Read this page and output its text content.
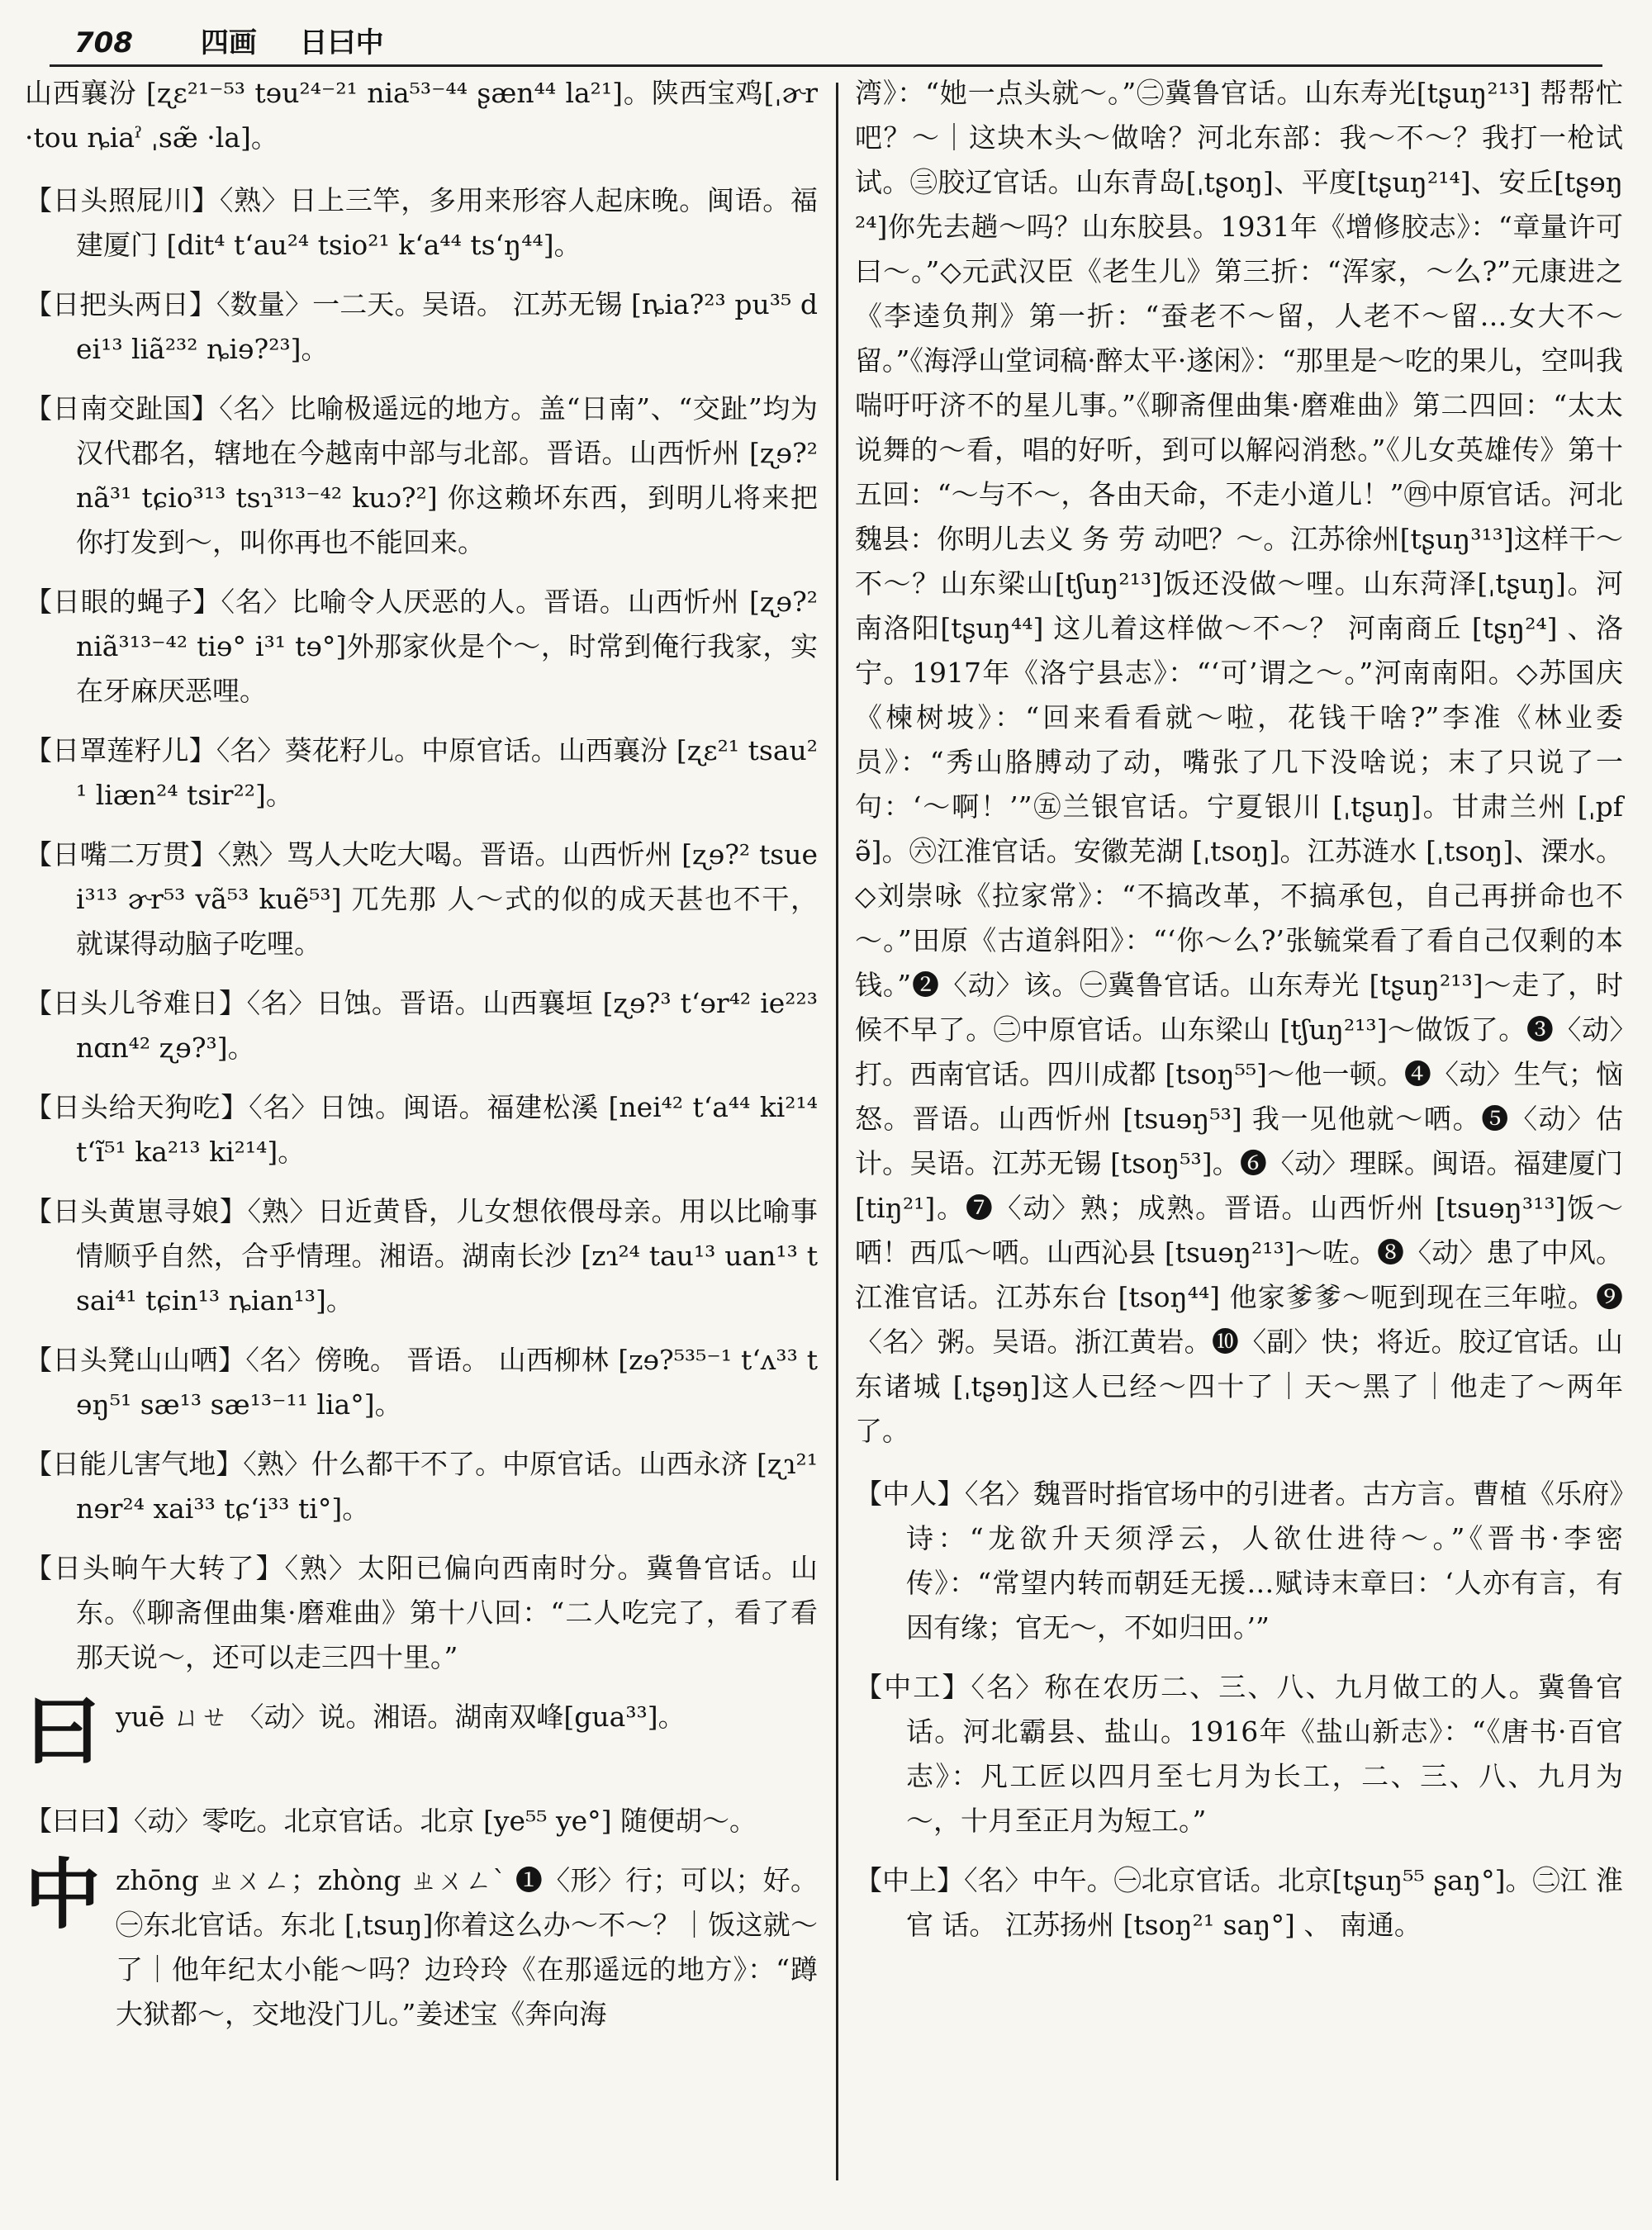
708 四画 日曰中

山西襄汾 [ʐɛ²¹⁻⁵³ tɘu²⁴⁻²¹ nia⁵³⁻⁴⁴ ʂæn⁴⁴ la²¹]。陕西宝鸡[ˌɚr ·tou ȵiaˀ ˌsæ̃ ·la]。

【日头照屁川】〈熟〉日上三竿，多用来形容人起床晚。闽语。福建厦门 [dit⁴ tʻau²⁴ tsio²¹ kʻa⁴⁴ tsʻŋ⁴⁴]。

【日把头两日】〈数量〉一二天。吴语。 江苏无锡 [ȵia?²³ pu³⁵ dei¹³ liã²³² ȵiɘ?²³]。

【日南交趾国】〈名〉比喻极遥远的地方。盖“日南”、“交趾”均为汉代郡名，辖地在今越南中部与北部。晋语。山西忻州 [ʐɘ?² nã³¹ tɕio³¹³ tsɿ³¹³⁻⁴² kuɔ?²] 你这赖坏东西，到明儿将来把你打发到～，叫你再也不能回来。

【日眼的蝇子】〈名〉比喻令人厌恶的人。晋语。山西忻州 [ʐɘ?² niã³¹³⁻⁴² tiɘ° i³¹ tɘ°]外那家伙是个～，时常到俺行我家，实在牙麻厌恶哩。

【日罩莲籽儿】〈名〉葵花籽儿。中原官话。山西襄汾 [ʐɛ²¹ tsau²¹ liæn²⁴ tsir²²]。

【日嘴二万贯】〈熟〉骂人大吃大喝。晋语。山西忻州 [ʐɘ?² tsuei³¹³ ɚr⁵³ vã⁵³ kuẽ⁵³] 兀先那 人～式的似的成天甚也不干，就谋得动脑子吃哩。

【日头儿爷难日】〈名〉日蚀。晋语。山西襄垣 [ʐɘ?³ tʻɘr⁴² ie²²³ nɑn⁴² ʐɘ?³]。

【日头给天狗吃】〈名〉日蚀。闽语。福建松溪 [nei⁴² tʻa⁴⁴ ki²¹⁴ tʻĩ⁵¹ ka²¹³ ki²¹⁴]。

【日头黄崽寻娘】〈熟〉日近黄昏，儿女想依偎母亲。用以比喻事情顺乎自然，合乎情理。湘语。湖南长沙 [zɿ²⁴ tau¹³ uan¹³ tsai⁴¹ tɕin¹³ ȵian¹³]。

【日头凳山山哂】〈名〉傍晚。 晋语。 山西柳林 [zɘ?⁵³⁵⁻¹ tʻʌ³³ tɘŋ⁵¹ sæ¹³ sæ¹³⁻¹¹ lia°]。

【日能儿害气地】〈熟〉什么都干不了。中原官话。山西永济 [ʐɿ²¹ nɘr²⁴ xai³³ tɕʻi³³ ti°]。

【日头晌午大转了】〈熟〉太阳已偏向西南时分。冀鲁官话。山东。《聊斋俚曲集·磨难曲》第十八回：“二人吃完了，看了看那天说～，还可以走三四十里。”

曰 yuē ㄩㄝ 〈动〉说。湘语。湖南双峰[gua³³]。

【曰曰】〈动〉零吃。北京官话。北京 [ye⁵⁵ ye°] 随便胡～。

中 zhōng ㄓㄨㄥ；zhòng ㄓㄨㄥˋ ❶〈形〉行；可以；好。㊀东北官话。东北 [ˌtsuŋ]你着这么办～不～？｜饭这就～了｜他年纪太小能～吗？边玲玲《在那遥远的地方》：“蹲大狱都～，交地没门儿。”姜述宝《奔向海

湾》：“她一点头就～。”㊁冀鲁官话。山东寿光[tʂuŋ²¹³] 帮帮忙吧？～｜这块木头～做啥？河北东部：我～不～？我打一枪试试。㊂胶辽官话。山东青岛[ˌtʂoŋ]、平度[tʂuŋ²¹⁴]、安丘[tʂɘŋ²⁴]你先去趟～吗？山东胶县。1931年《增修胶志》：“章量许可曰～。”◇元武汉臣《老生儿》第三折：“浑家，～么?”元康进之《李逵负荆》第一折：“蚕老不～留，人老不～留…女大不～留。”《海浮山堂词稿·醉太平·遂闲》：“那里是～吃的果儿，空叫我喘吁吁济不的星儿事。”《聊斋俚曲集·磨难曲》第二四回：“太太说舞的～看，唱的好听，到可以解闷消愁。”《儿女英雄传》第十五回：“～与不～，各由天命，不走小道儿！”㊃中原官话。河北魏县：你明儿去义 务 劳 动吧？～。江苏徐州[tʂuŋ³¹³]这样干～不～？山东梁山[tʃuŋ²¹³]饭还没做～哩。山东菏泽[ˌtʂuŋ]。河南洛阳[tʂuŋ⁴⁴] 这儿着这样做～不～？ 河南商丘 [tʂŋ²⁴] 、洛宁。1917年《洛宁县志》：“‘可’谓之～。”河南南阳。◇苏国庆《楝树坡》：“回来看看就～啦，花钱干啥?”李准《林业委员》：“秀山胳膊动了动，嘴张了几下没啥说；末了只说了一句：‘～啊！’”㊄兰银官话。宁夏银川 [ˌtʂuŋ]。甘肃兰州 [ˌpfə̃]。㊅江淮官话。安徽芜湖 [ˌtsoŋ]。江苏涟水 [ˌtsoŋ]、溧水。◇刘崇咏《拉家常》：“不搞改革，不搞承包，自己再拼命也不～。”田原《古道斜阳》：“‘你～么?’张毓棠看了看自己仅剩的本钱。”❷〈动〉该。㊀冀鲁官话。山东寿光 [tʂuŋ²¹³]～走了，时候不早了。㊁中原官话。山东梁山 [tʃuŋ²¹³]～做饭了。❸〈动〉打。西南官话。四川成都 [tsoŋ⁵⁵]～他一顿。❹〈动〉生气；恼怒。晋语。山西忻州 [tsuɘŋ⁵³] 我一见他就～哂。❺〈动〉估计。吴语。江苏无锡 [tsoŋ⁵³]。❻〈动〉理睬。闽语。福建厦门 [tiŋ²¹]。❼〈动〉熟；成熟。晋语。山西忻州 [tsuɘŋ³¹³]饭～哂！西瓜～哂。山西沁县 [tsuɘŋ²¹³]～咗。❽〈动〉患了中风。江淮官话。江苏东台 [tsoŋ⁴⁴] 他家爹爹～呃到现在三年啦。❾〈名〉粥。吴语。浙江黄岩。❿〈副〉快；将近。胶辽官话。山东诸城 [ˌtʂɘŋ]这人已经～四十了｜天～黑了｜他走了～两年了。

【中人】〈名〉魏晋时指官场中的引进者。古方言。曹植《乐府》诗：“龙欲升天须浮云，人欲仕进待～。”《晋书·李密传》：“常望内转而朝廷无援…赋诗末章曰：‘人亦有言，有因有缘；官无～，不如归田。’”

【中工】〈名〉称在农历二、三、八、九月做工的人。冀鲁官话。河北霸县、盐山。1916年《盐山新志》：“《唐书·百官志》：凡工匠以四月至七月为长工，二、三、八、九月为～，十月至正月为短工。”

【中上】〈名〉中午。㊀北京官话。北京[tʂuŋ⁵⁵ ʂaŋ°]。㊁江 淮 官 话。 江苏扬州 [tsoŋ²¹ saŋ°] 、 南通。
